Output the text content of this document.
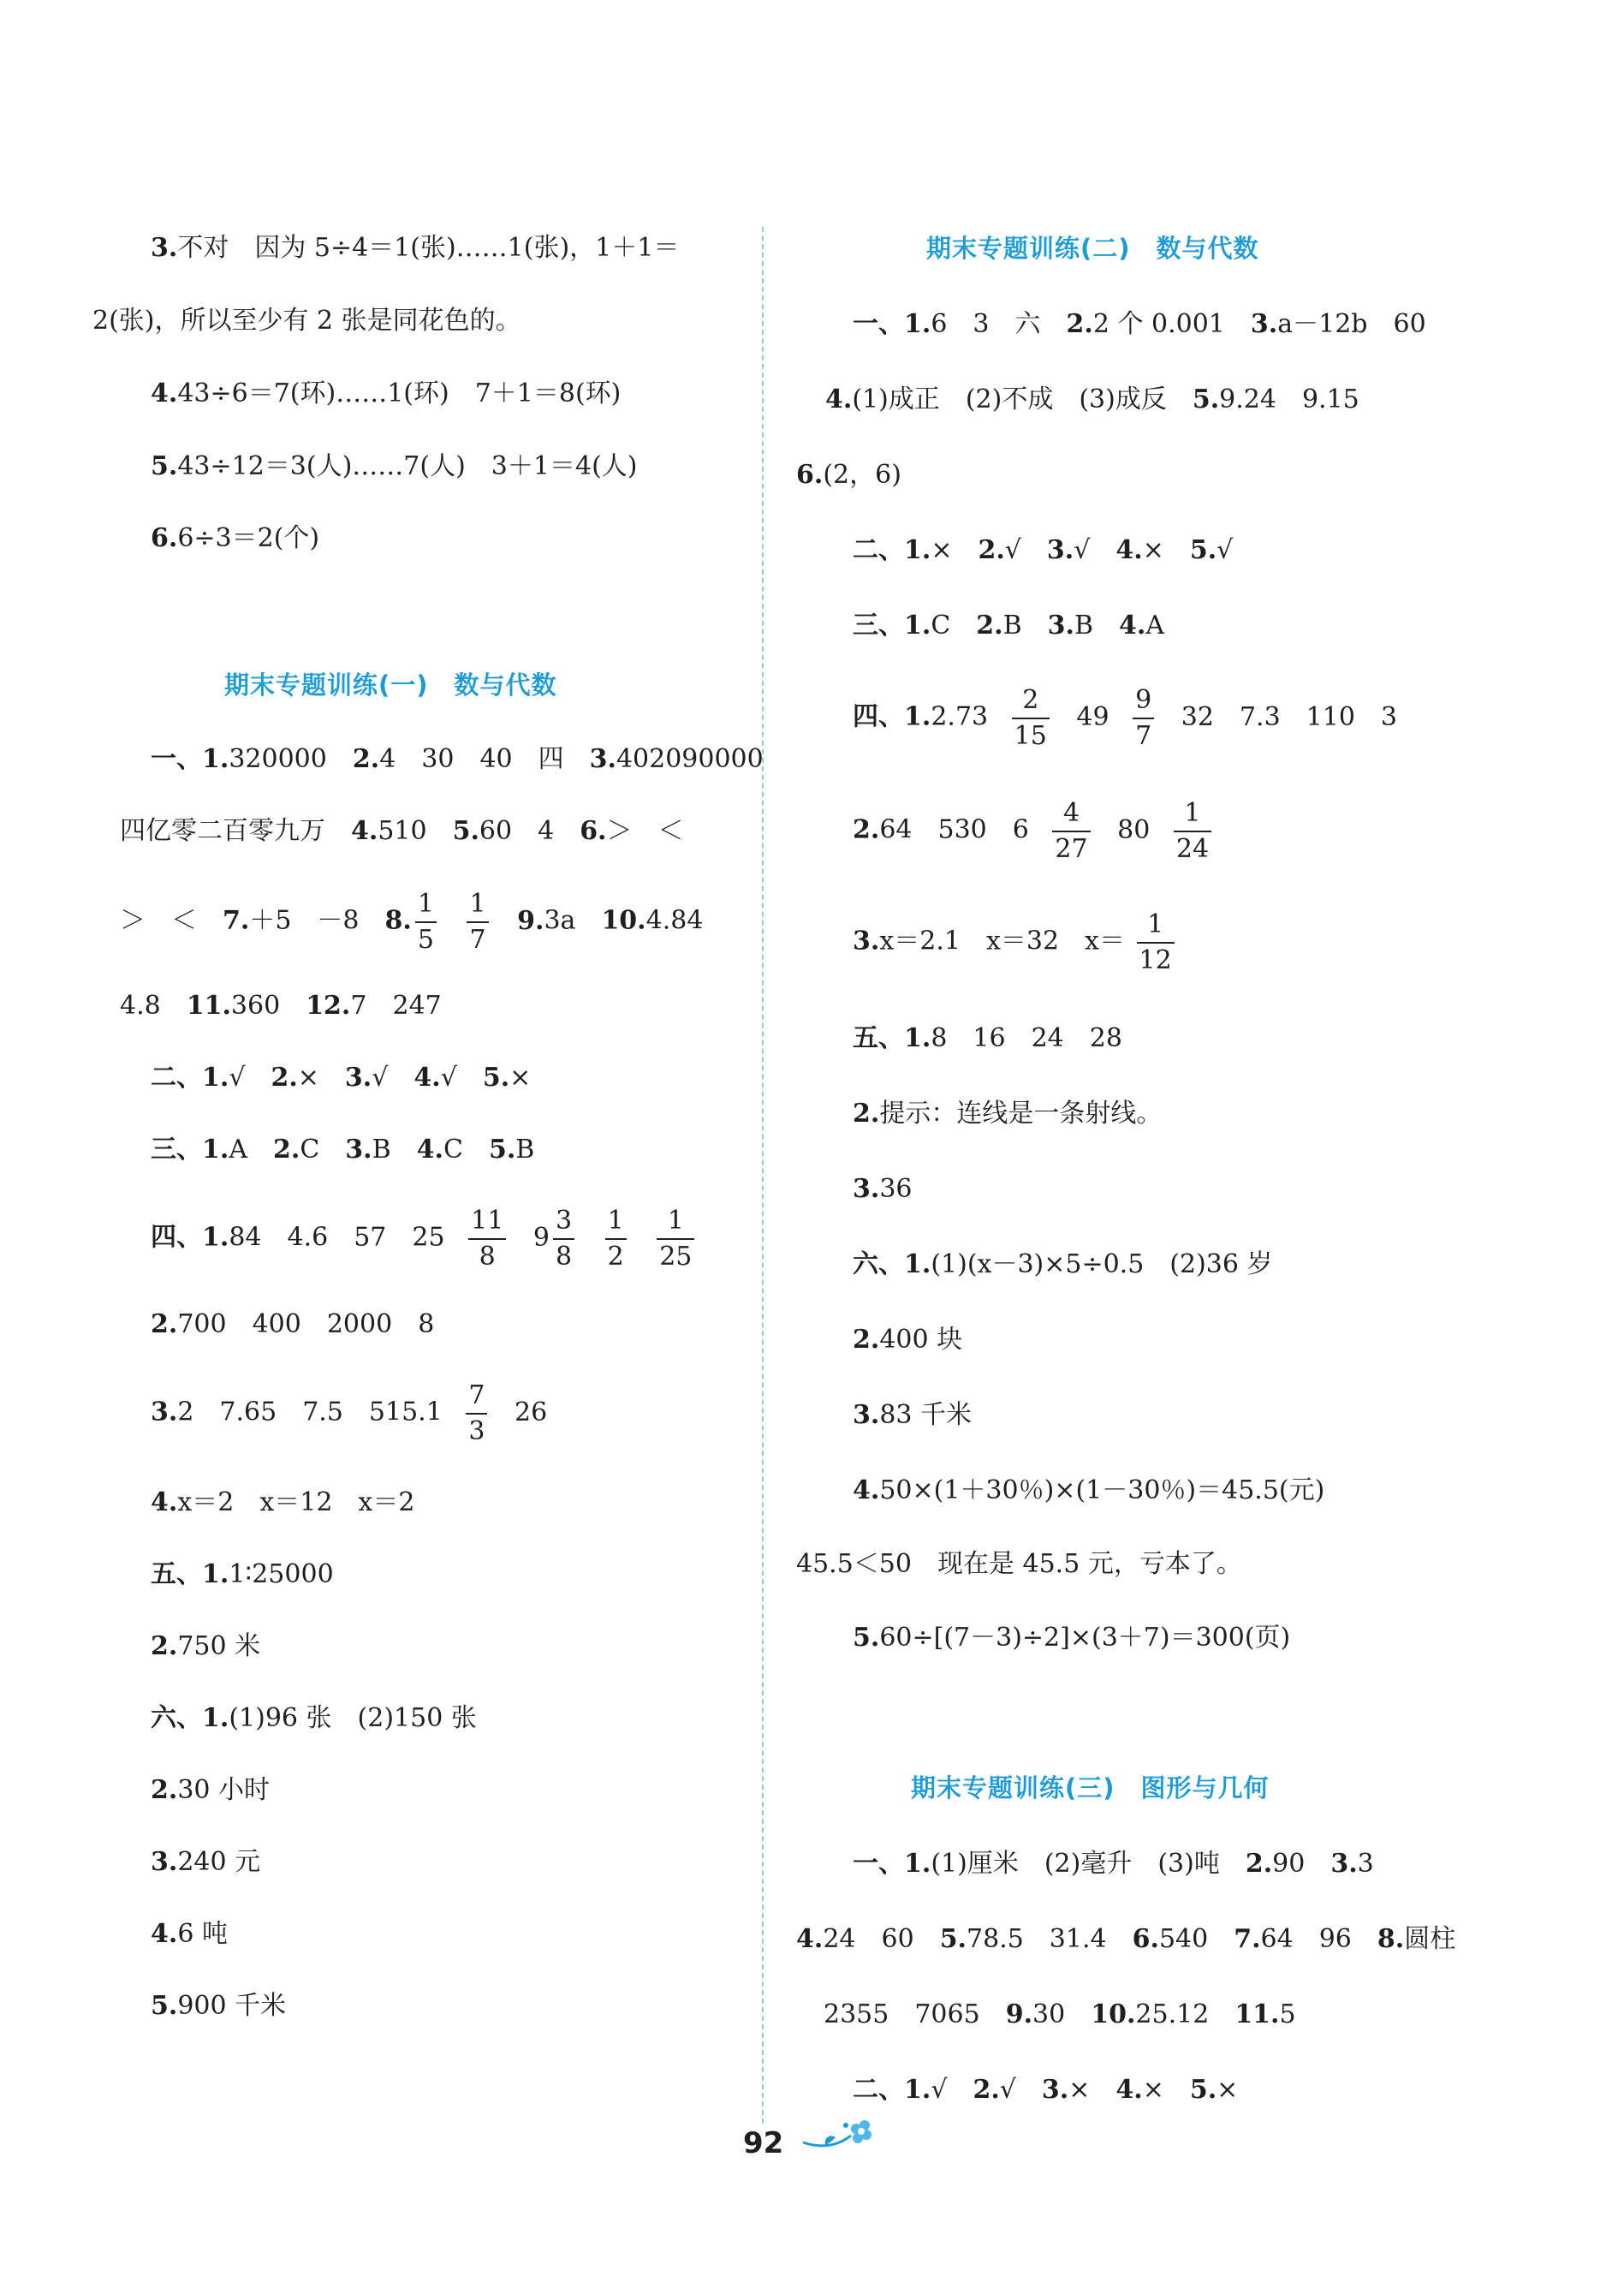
3.不对　因为 5÷4＝1(张)……1(张)，1＋1＝
2(张)，所以至少有 2 张是同花色的。
4.43÷6＝7(环)……1(环)　7＋1＝8(环)
5.43÷12＝3(人)……7(人)　3＋1＝4(人)
6.6÷3＝2(个)
期末专题训练(一)　数与代数
一、1.320000　2.4　30　40　四　3.402090000
四亿零二百零九万　4.510　5.60　4　6.＞　＜
＞　＜　7.＋5　－8　8. $\frac{1}{5}$
$\frac{1}{7} 9.3a$　10.4.84
4.8　11.360　12.7　247
二、1.√　2.×　3.√　4.√　5.×
三、1.A　2.C　3.B　4.C　5.B
四、1.84　4.6　57　$25 \frac{11}{8} 9 \frac{3}{8}$
$\frac{1}{2}$
$\frac{1}{25}$
2.700　400　2000　8
3.2　7.65　7.5　$515.1 \frac{7}{3} 26$
4.x＝2　x＝12　x＝2
五、1.1∶25000
2.750 米
六、1.(1)96 张　(2)150 张
2.30 小时
3.240 元
4.6 吨
5.900 千米
期末专题训练(二)　数与代数
一、1.6　3　六　2.2 个 0.001　3.a－12b　60
4.(1)成正　(2)不成　(3)成反　5.9.24　9.15
6.(2，6)
二、1.×　2.√　3.√　4.×　5.√
三、1.C　2.B　3.B　4.A
四、$1.2.73 \frac{2}{15} 49 \frac{9}{7} 32$　7.3　110　3
2.64　530　$6 \frac{4}{27} 80 \frac{1}{24}$
3.x＝2.1　x＝32　$x= \frac{1}{12}$
五、1.8　16　24　28
2.提示：连线是一条射线。
3.36
六、1.(1)(x－3)×5÷0.5　(2)36 岁
2.400 块
3.83 千米
4.50×(1＋30％)×(1－30％)＝45.5(元)
45.5＜50　现在是 45.5 元，亏本了。
5.60÷[(7－3)÷2]×(3＋7)＝300(页)
期末专题训练(三)　图形与几何
一、1.(1)厘米　(2)毫升　(3)吨　2.90　3.3
4.24　60　5.78.5　31.4　6.540　7.64　96　8.圆柱
2355　7065　9.30　10.25.12　11.5
二、1.√　2.√　3.×　4.×　5.×
92
